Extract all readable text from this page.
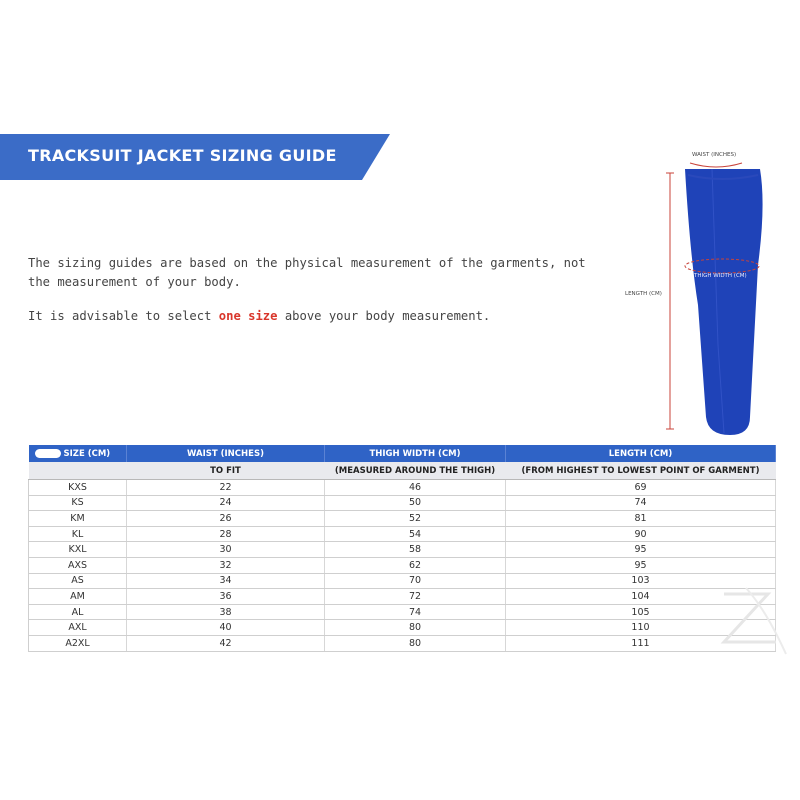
TRACKSUIT JACKET SIZING GUIDE

The sizing guides are based on the physical measurement of the garments, not the measurement of your body.

It is advisable to select one size above your body measurement.

WAIST (INCHES)
THIGH WIDTH (CM)
LENGTH (CM)
SIZE (CM)	WAIST (INCHES)	THIGH WIDTH (CM)	LENGTH (CM)
	TO FIT	(MEASURED AROUND THE THIGH)	(FROM HIGHEST TO LOWEST POINT OF GARMENT)
KXS	22	46	69
KS	24	50	74
KM	26	52	81
KL	28	54	90
KXL	30	58	95
AXS	32	62	95
AS	34	70	103
AM	36	72	104
AL	38	74	105
AXL	40	80	110
A2XL	42	80	111
